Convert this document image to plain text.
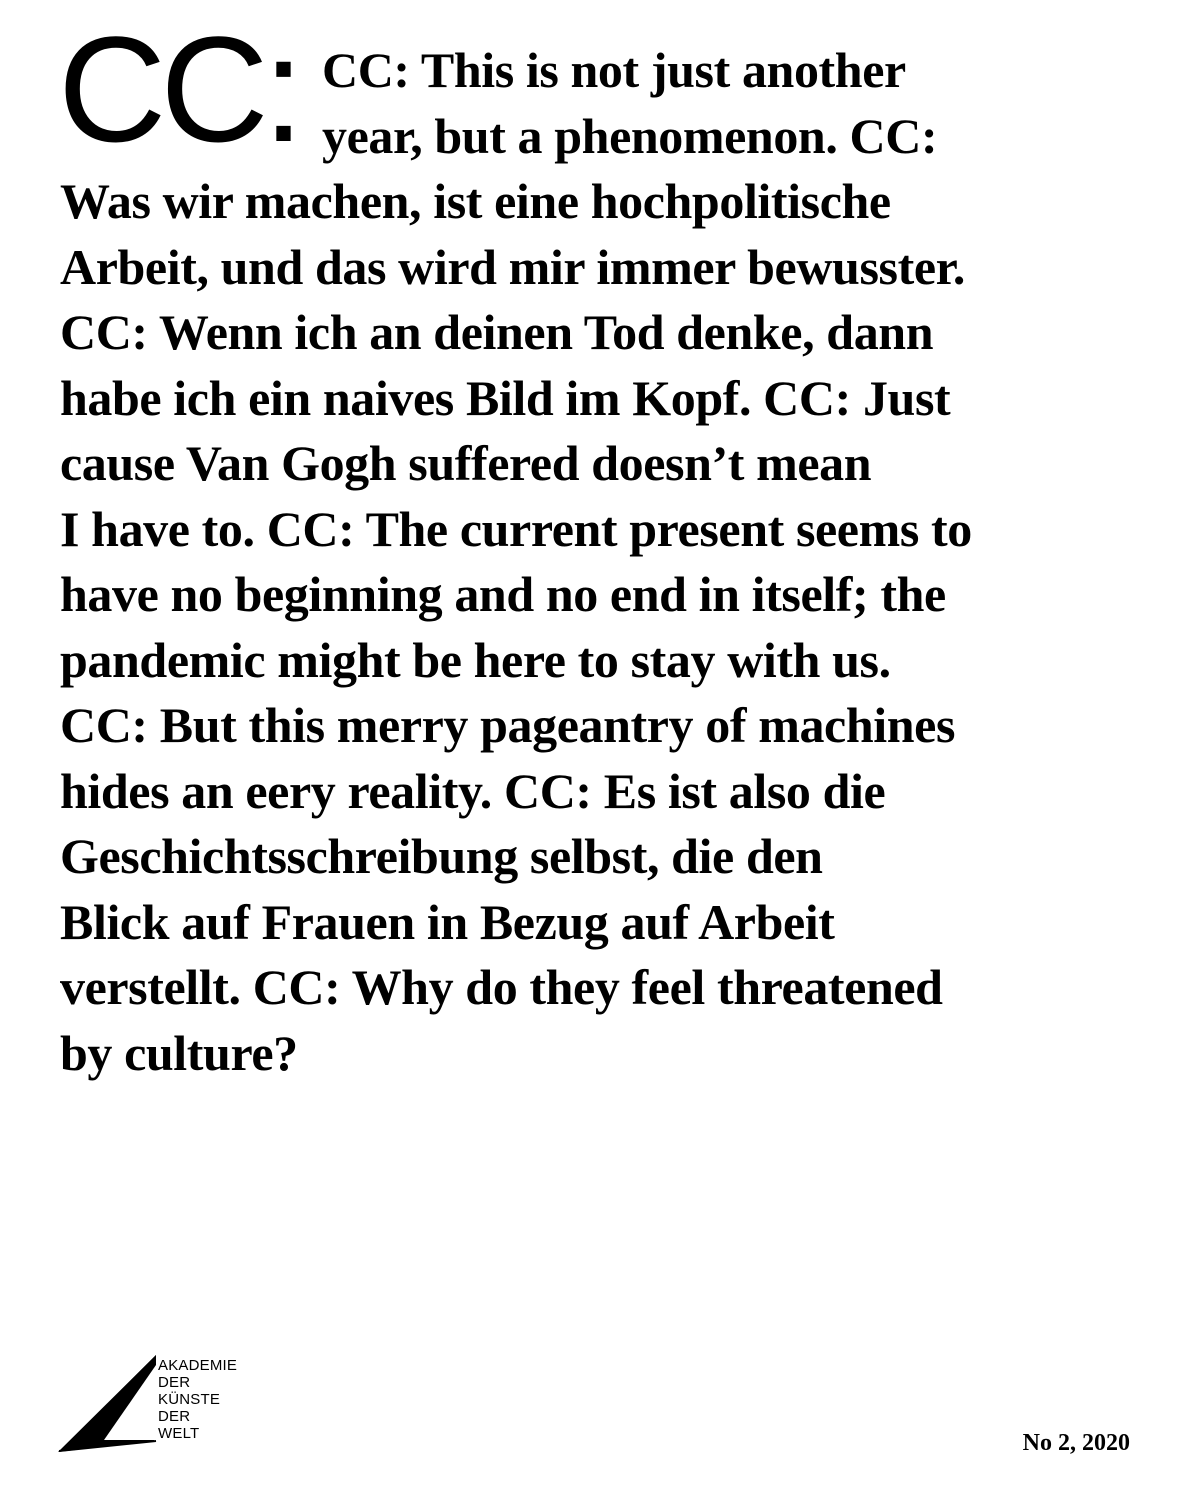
CC: CC: This is not just another
year, but a phenomenon. CC:
Was wir machen, ist eine hochpolitische
Arbeit, und das wird mir immer bewusster.
CC: Wenn ich an deinen Tod denke, dann
habe ich ein naives Bild im Kopf. CC: Just
cause Van Gogh suffered doesn’t mean
I have to. CC: The current present seems to
have no beginning and no end in itself; the
pandemic might be here to stay with us.
CC: But this merry pageantry of machines
hides an eery reality. CC: Es ist also die
Geschichtsschreibung selbst, die den
Blick auf Frauen in Bezug auf Arbeit
verstellt. CC: Why do they feel threatened
by culture?

AKADEMIE
DER
KÜNSTE
DER
WELT	No 2, 2020
